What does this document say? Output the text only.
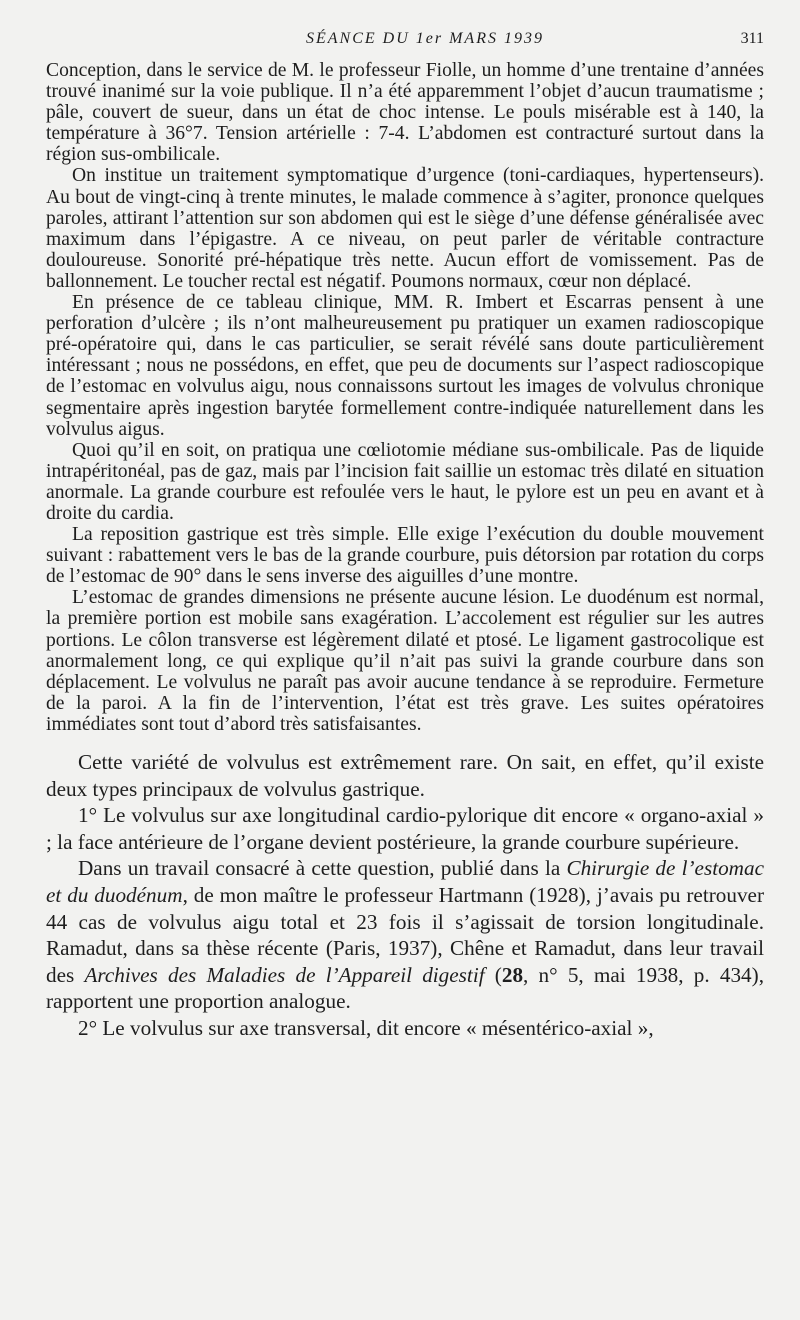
SÉANCE DU 1er MARS 1939	311

Conception, dans le service de M. le professeur Fiolle, un homme d’une trentaine d’années trouvé inanimé sur la voie publique. Il n’a été apparemment l’objet d’aucun traumatisme ; pâle, couvert de sueur, dans un état de choc intense. Le pouls misérable est à 140, la température à 36°7. Tension artérielle : 7-4. L’abdomen est contracturé surtout dans la région sus-ombilicale.

On institue un traitement symptomatique d’urgence (toni-cardiaques, hypertenseurs). Au bout de vingt-cinq à trente minutes, le malade commence à s’agiter, prononce quelques paroles, attirant l’attention sur son abdomen qui est le siège d’une défense généralisée avec maximum dans l’épigastre. A ce niveau, on peut parler de véritable contracture douloureuse. Sonorité pré-hépatique très nette. Aucun effort de vomissement. Pas de ballonnement. Le toucher rectal est négatif. Poumons normaux, cœur non déplacé.

En présence de ce tableau clinique, MM. R. Imbert et Escarras pensent à une perforation d’ulcère ; ils n’ont malheureusement pu pratiquer un examen radioscopique pré-opératoire qui, dans le cas particulier, se serait révélé sans doute particulièrement intéressant ; nous ne possédons, en effet, que peu de documents sur l’aspect radioscopique de l’estomac en volvulus aigu, nous connaissons surtout les images de volvulus chronique segmentaire après ingestion barytée formellement contre-indiquée naturellement dans les volvulus aigus.

Quoi qu’il en soit, on pratiqua une cœliotomie médiane sus-ombilicale. Pas de liquide intrapéritonéal, pas de gaz, mais par l’incision fait saillie un estomac très dilaté en situation anormale. La grande courbure est refoulée vers le haut, le pylore est un peu en avant et à droite du cardia.

La reposition gastrique est très simple. Elle exige l’exécution du double mouvement suivant : rabattement vers le bas de la grande courbure, puis détorsion par rotation du corps de l’estomac de 90° dans le sens inverse des aiguilles d’une montre.

L’estomac de grandes dimensions ne présente aucune lésion. Le duodénum est normal, la première portion est mobile sans exagération. L’accolement est régulier sur les autres portions. Le côlon transverse est légèrement dilaté et ptosé. Le ligament gastrocolique est anormalement long, ce qui explique qu’il n’ait pas suivi la grande courbure dans son déplacement. Le volvulus ne paraît pas avoir aucune tendance à se reproduire. Fermeture de la paroi. A la fin de l’intervention, l’état est très grave. Les suites opératoires immédiates sont tout d’abord très satisfaisantes.

Cette variété de volvulus est extrêmement rare. On sait, en effet, qu’il existe deux types principaux de volvulus gastrique.

1° Le volvulus sur axe longitudinal cardio-pylorique dit encore « organo-axial » ; la face antérieure de l’organe devient postérieure, la grande courbure supérieure.

Dans un travail consacré à cette question, publié dans la Chirurgie de l’estomac et du duodénum, de mon maître le professeur Hartmann (1928), j’avais pu retrouver 44 cas de volvulus aigu total et 23 fois il s’agissait de torsion longitudinale. Ramadut, dans sa thèse récente (Paris, 1937), Chêne et Ramadut, dans leur travail des Archives des Maladies de l’Appareil digestif (28, n° 5, mai 1938, p. 434), rapportent une proportion analogue.

2° Le volvulus sur axe transversal, dit encore « mésentérico-axial »,
